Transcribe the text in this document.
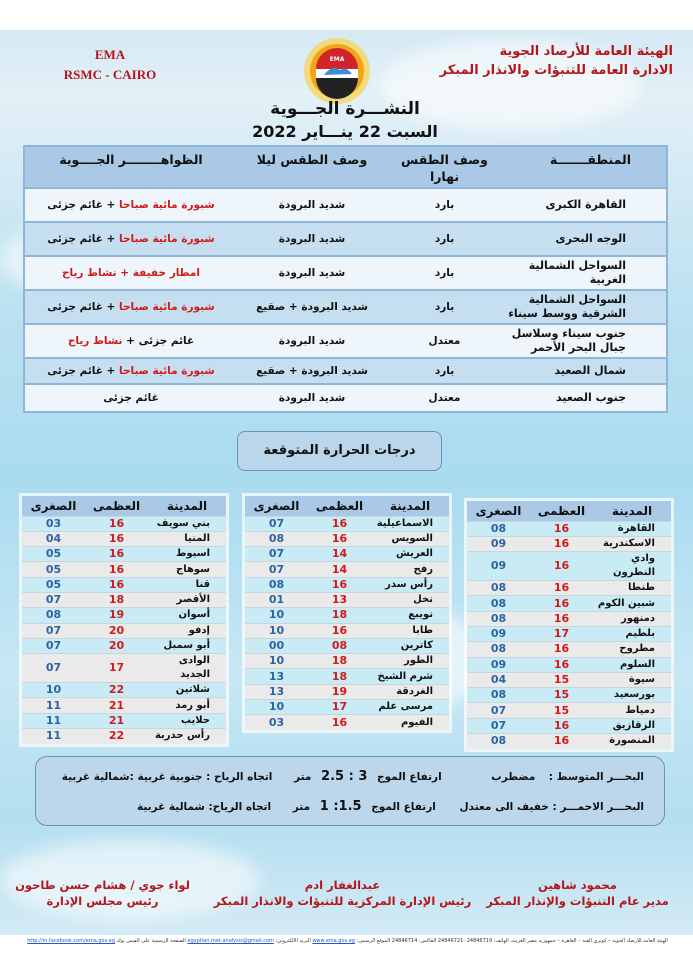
EMA
RSMC - CAIRO
الهيئة العامة للأرصاد الجوية
الادارة العامة للتنبؤات والانذار المبكر
EMA
النشـــرة الجـــوية
السبت 22 ينـــاير 2022
المنطقـــــــة	وصف الطقس نهارا	وصف الطقس ليلا	الظواهــــــــر الجــــوية
القاهرة الكبرى	بارد	شديد البرودة	شبورة مائية صباحا + غائم جزئى
الوجه البحرى	بارد	شديد البرودة	شبورة مائية صباحا + غائم جزئى
السواحل الشمالية الغربية	بارد	شديد البرودة	امطار خفيفة + نشاط رياح
السواحل الشمالية الشرقية ووسط سيناء	بارد	شديد البرودة + صقيع	شبورة مائية صباحا + غائم جزئى
جنوب سيناء وسلاسل جبال البحر الأحمر	معتدل	شديد البرودة	غائم جزئى + نشاط رياح
شمال الصعيد	بارد	شديد البرودة + صقيع	شبورة مائية صباحا + غائم جزئى
جنوب الصعيد	معتدل	شديد البرودة	غائم جزئى
درجات الحرارة المتوقعة
المدينة	العظمى	الصغرى
القاهرة	16	08
الاسكندرية	16	09
وادي النطرون	16	09
طنطا	16	08
شبين الكوم	16	08
دمنهور	16	08
بلطيم	17	09
مطروح	16	08
السلوم	16	09
سيوة	15	04
بورسعيد	15	08
دمياط	15	07
الزقازيق	16	07
المنصورة	16	08
المدينة	العظمى	الصغرى
الاسماعيلية	16	07
السويس	16	08
العريش	14	07
رفح	14	07
رأس سدر	16	08
نخل	13	01
نويبع	18	10
طابا	16	10
كاترين	08	00
الطور	18	10
شرم الشيخ	18	13
الغردقة	19	13
مرسى علم	17	10
الفيوم	16	03
المدينة	العظمى	الصغرى
بني سويف	16	03
المنيا	16	04
اسيوط	16	05
سوهاج	16	05
قنا	16	05
الأقصر	18	07
أسوان	19	08
إدفو	20	07
أبو سمبل	20	07
الوادى الجديد	17	07
شلاتين	22	10
أبو رمد	21	11
حلايب	21	11
رأس حدربة	22	11
البحـــر المتوسط : مضطرب ارتفاع الموج 2.5 : 3 متر اتجاه الرياح : جنوبية غربية :شمالية غربية
البحـــر الاحمـــر : خفيف الى معتدل ارتفاع الموج 1 :1.5 متر اتجاه الرياح: شمالية غربية
محمود شاهين
مدير عام التنبؤات والإنذار المبكر
عبدالغفار ادم
رئيس الإدارة المركزية للتنبؤات والانذار المبكر
لواء جوي / هشام حسن طاحون
رئيس مجلس الإدارة
الهيئة العامة للأرصاد الجوية – كوبري القبة – القاهرة – جمهورية مصر العربية، الهاتف: 24846719 -24846721 الفاكس: 24846714 الموقع الرسمي: www.ema.gov.eg البريد الالكتروني: egyptian.met.analysis@gmail.com الصفحة الرسمية على الفيس بوك http://m.facebook.com/ema.gov.eg
